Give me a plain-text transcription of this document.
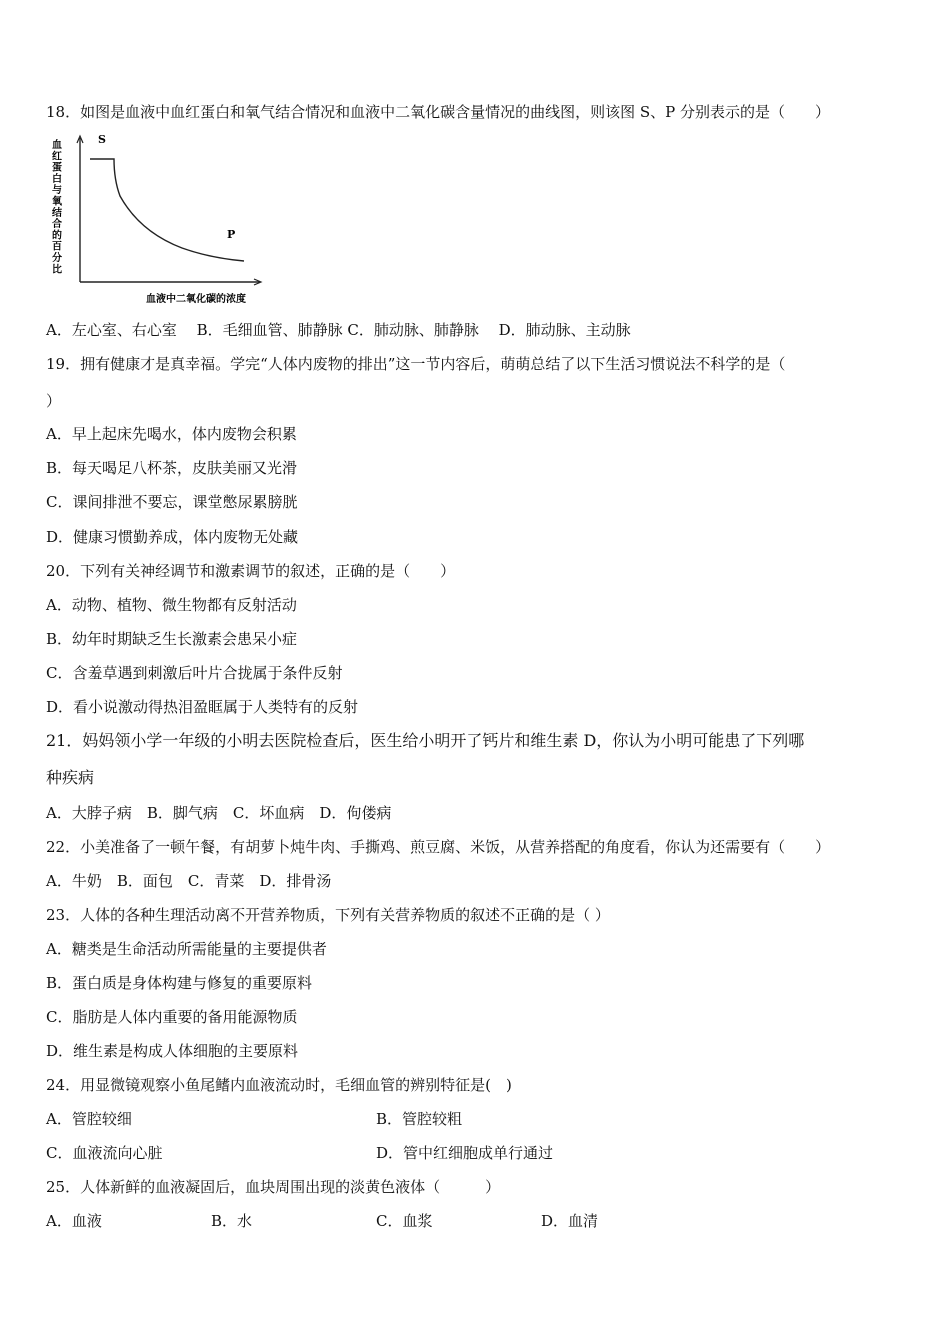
18．如图是血液中血红蛋白和氧气结合情况和血液中二氧化碳含量情况的曲线图，则该图 S、P 分别表示的是（　　）
血
红
蛋
白
与
氧
结
合
的
百
分
比
S
P
血液中二氧化碳的浓度
A．左心室、右心室　 B．毛细血管、肺静脉 C．肺动脉、肺静脉　 D．肺动脉、主动脉
19．拥有健康才是真幸福。学完“人体内废物的排出”这一节内容后，萌萌总结了以下生活习惯说法不科学的是（
）
A．早上起床先喝水，体内废物会积累
B．每天喝足八杯茶，皮肤美丽又光滑
C．课间排泄不要忘，课堂憋尿累膀胱
D．健康习惯勤养成，体内废物无处藏
20．下列有关神经调节和激素调节的叙述，正确的是（　　）
A．动物、植物、微生物都有反射活动
B．幼年时期缺乏生长激素会患呆小症
C．含羞草遇到刺激后叶片合拢属于条件反射
D．看小说激动得热泪盈眶属于人类特有的反射
21．妈妈领小学一年级的小明去医院检查后，医生给小明开了钙片和维生素 D，你认为小明可能患了下列哪
种疾病
A．大脖子病　B．脚气病　C．坏血病　D．佝偻病
22．小美准备了一顿午餐，有胡萝卜炖牛肉、手撕鸡、煎豆腐、米饭，从营养搭配的角度看，你认为还需要有（　　）
A．牛奶　B．面包　C．青菜　D．排骨汤
23．人体的各种生理活动离不开营养物质，下列有关营养物质的叙述不正确的是（ ）
A．糖类是生命活动所需能量的主要提供者
B．蛋白质是身体构建与修复的重要原料
C．脂肪是人体内重要的备用能源物质
D．维生素是构成人体细胞的主要原料
24．用显微镜观察小鱼尾鳍内血液流动时，毛细血管的辨别特征是(　)
A．管腔较细	B．管腔较粗
C．血液流向心脏	D．管中红细胞成单行通过
25．人体新鲜的血液凝固后，血块周围出现的淡黄色液体（　　　）
A．血液	B．水	C．血浆	D．血清
